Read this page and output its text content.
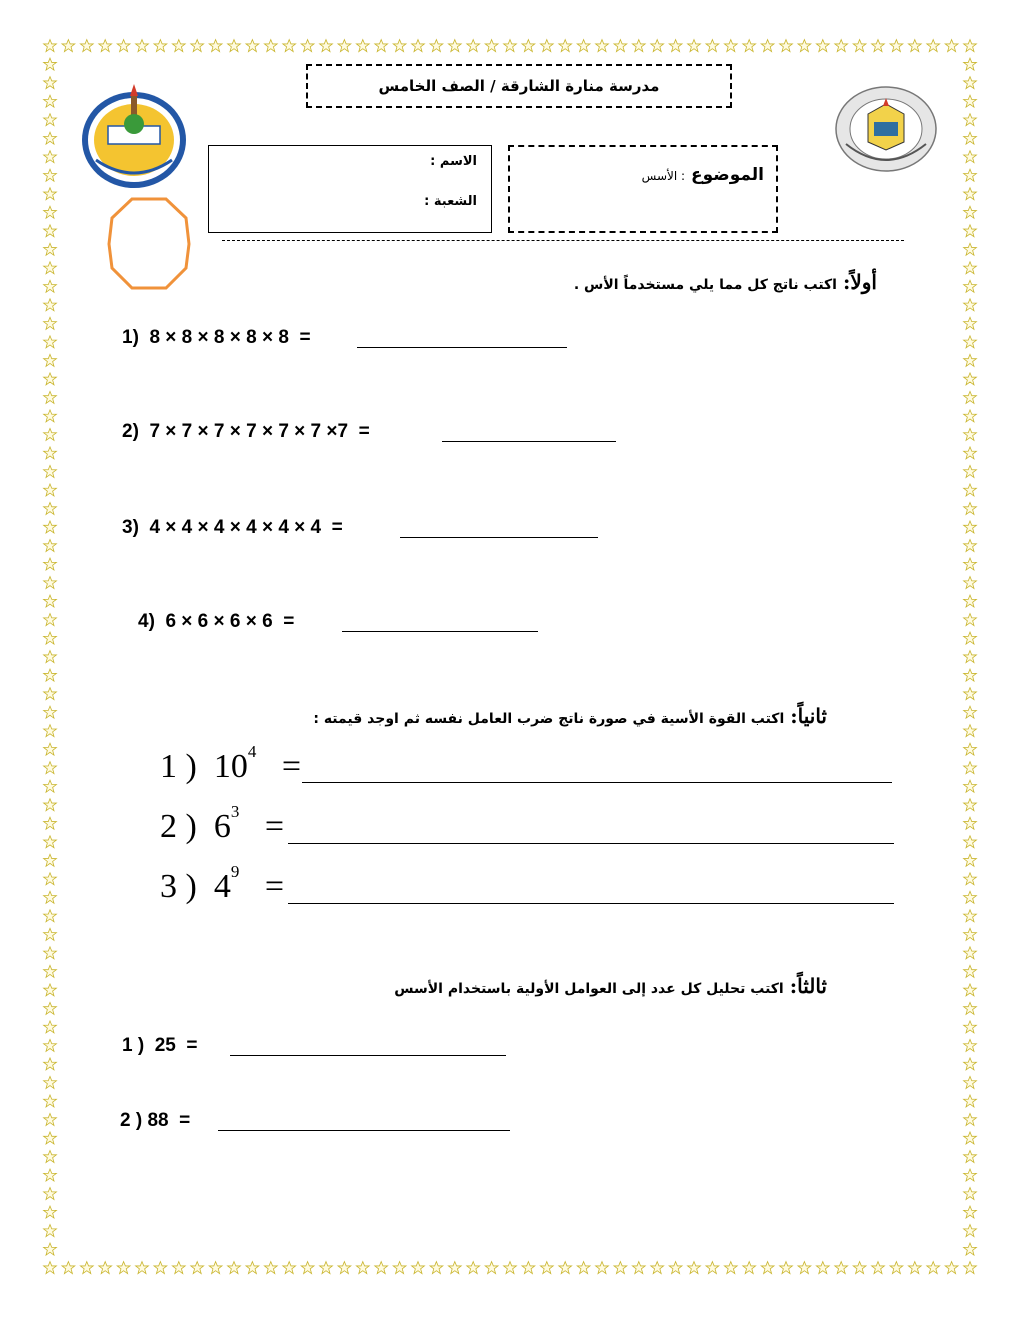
مدرسة منارة الشارقة / الصف الخامس
الاسم :
الشعبة :
الموضوع
: الأسس
أولاً:
اكتب ناتج كل مما يلي مستخدماً الأس .
1)  8 × 8 × 8 × 8 × 8  =
2)  7 × 7 × 7 × 7 × 7 × 7 ×7  =
3)  4 × 4 × 4 × 4 × 4 × 4  =
4)  6 × 6 × 6 × 6  =
ثانياً:
اكتب القوة الأسية في صورة ناتج ضرب العامل نفسه ثم اوجد قيمته :
1 ) $10^4$ =
2 ) $6^3$ =
3 ) $4^9$ =
ثالثاً:
اكتب تحليل كل عدد إلى العوامل الأولية باستخدام الأسس
1 )  25  =
2 ) 88  =
